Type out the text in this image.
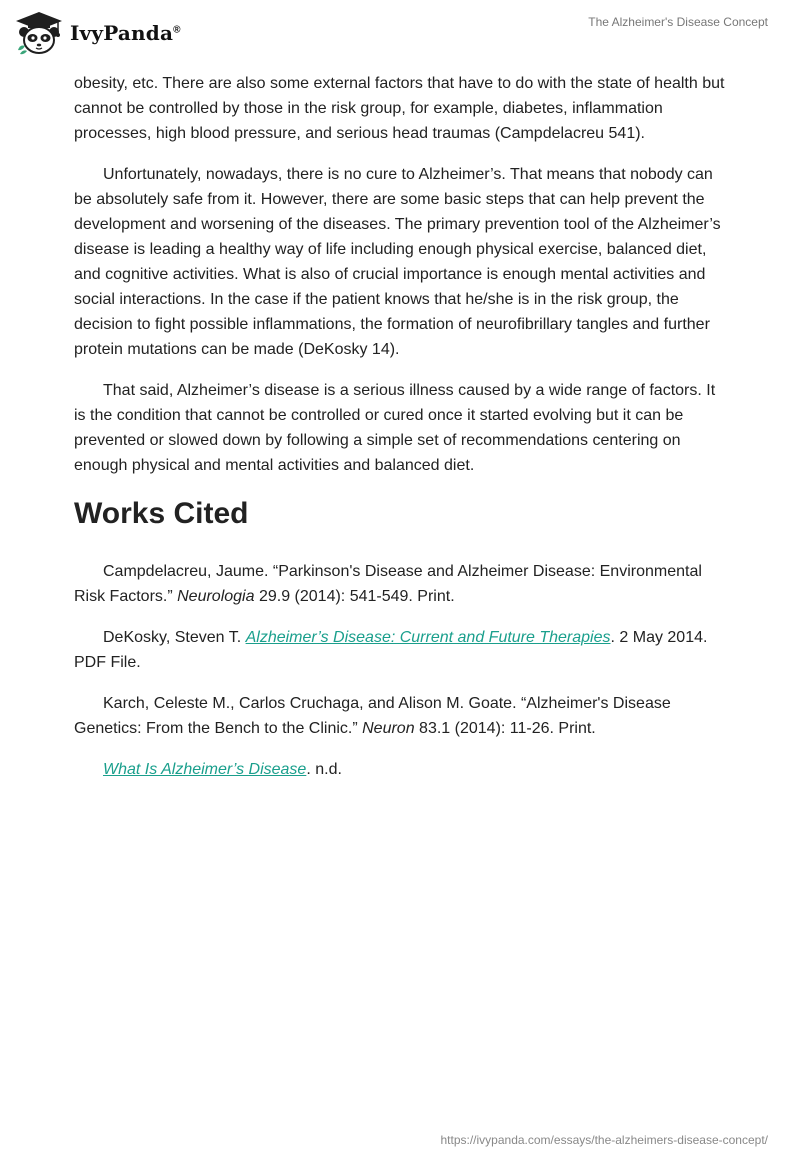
IvyPanda®
The Alzheimer's Disease Concept

obesity, etc. There are also some external factors that have to do with the state of health but cannot be controlled by those in the risk group, for example, diabetes, inflammation processes, high blood pressure, and serious head traumas (Campdelacreu 541).

Unfortunately, nowadays, there is no cure to Alzheimer’s. That means that nobody can be absolutely safe from it. However, there are some basic steps that can help prevent the development and worsening of the diseases. The primary prevention tool of the Alzheimer’s disease is leading a healthy way of life including enough physical exercise, balanced diet, and cognitive activities. What is also of crucial importance is enough mental activities and social interactions. In the case if the patient knows that he/she is in the risk group, the decision to fight possible inflammations, the formation of neurofibrillary tangles and further protein mutations can be made (DeKosky 14).

That said, Alzheimer’s disease is a serious illness caused by a wide range of factors. It is the condition that cannot be controlled or cured once it started evolving but it can be prevented or slowed down by following a simple set of recommendations centering on enough physical and mental activities and balanced diet.

Works Cited

Campdelacreu, Jaume. “Parkinson's Disease and Alzheimer Disease: Environmental Risk Factors.” Neurologia 29.9 (2014): 541-549. Print.

DeKosky, Steven T. Alzheimer’s Disease: Current and Future Therapies. 2 May 2014. PDF File.

Karch, Celeste M., Carlos Cruchaga, and Alison M. Goate. “Alzheimer's Disease Genetics: From the Bench to the Clinic.” Neuron 83.1 (2014): 11-26. Print.

What Is Alzheimer’s Disease. n.d.

https://ivypanda.com/essays/the-alzheimers-disease-concept/
